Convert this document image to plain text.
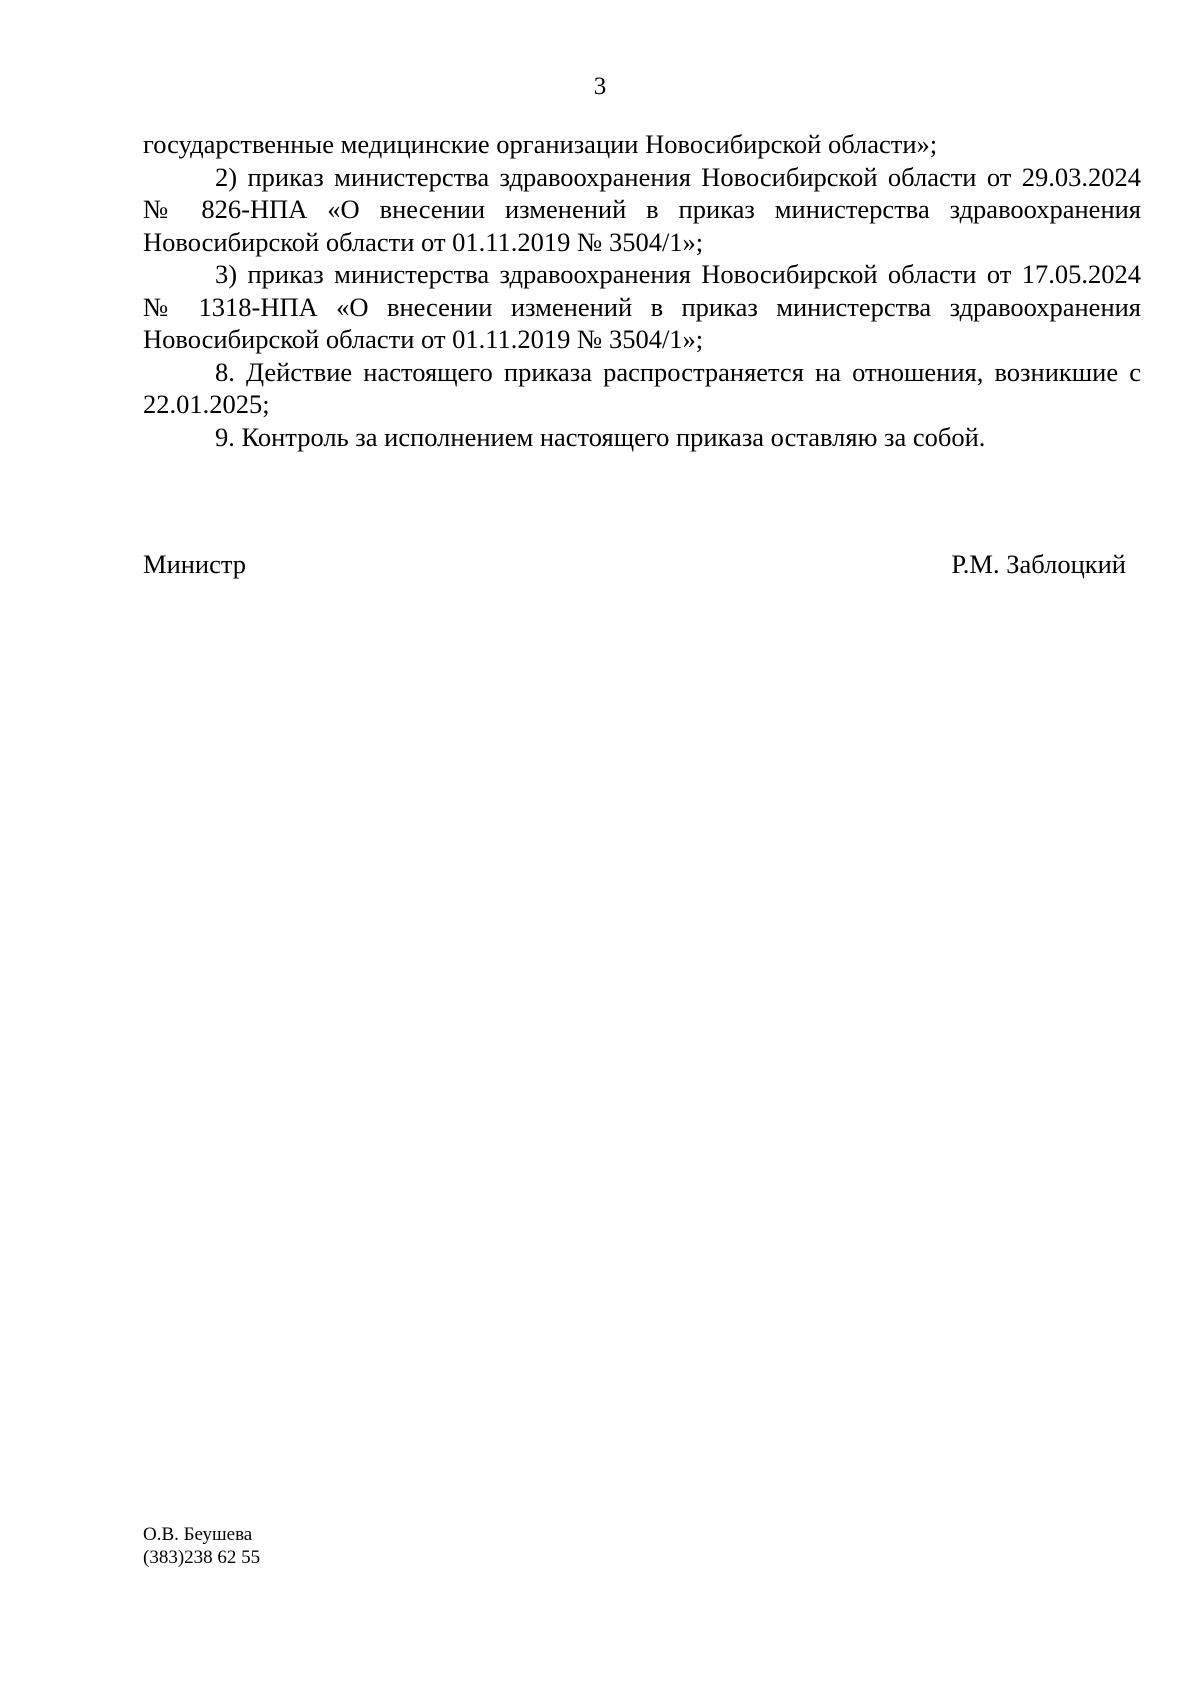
3

государственные медицинские организации Новосибирской области»;

2) приказ министерства здравоохранения Новосибирской области от 29.03.2024 № 826-НПА «О внесении изменений в приказ министерства здравоохранения Новосибирской области от 01.11.2019 № 3504/1»;

3) приказ министерства здравоохранения Новосибирской области от 17.05.2024 № 1318-НПА «О внесении изменений в приказ министерства здравоохранения Новосибирской области от 01.11.2019 № 3504/1»;

8. Действие настоящего приказа распространяется на отношения, возникшие с 22.01.2025;

9. Контроль за исполнением настоящего приказа оставляю за собой.

Министр	Р.М. Заблоцкий
О.В. Беушева
(383)238 62 55
